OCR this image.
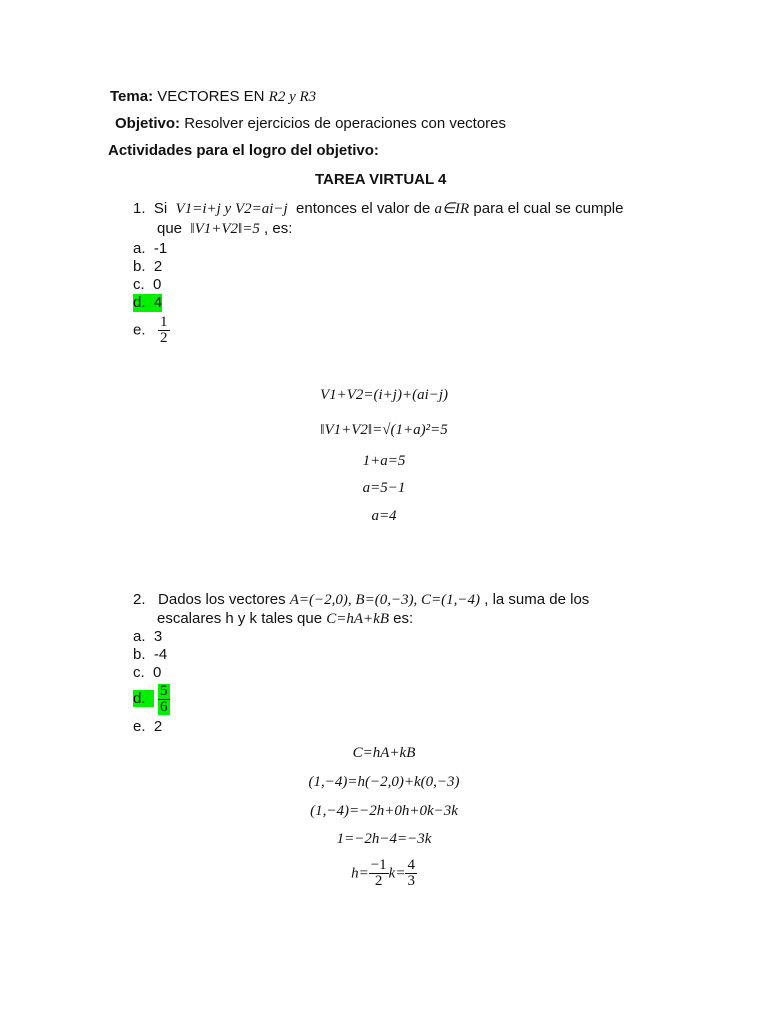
Tema: VECTORES EN R2 y R3
Objetivo: Resolver ejercicios de operaciones con vectores
Actividades para el logro del objetivo:
TAREA VIRTUAL 4
1. Si V1=i+j y V2=ai−j entonces el valor de a∈IR para el cual se cumple
que ‖V1+V2‖=5 , es:
a. -1
b. 2
c. 0
d. 4
e. $\frac{1}{2}$
V1+V2=(i+j)+(ai−j)
‖V1+V2‖=√(1+a)²=5
1+a=5
a=5−1
a=4
2. Dados los vectores A=(−2,0), B=(0,−3), C=(1,−4) , la suma de los
escalares h y k tales que C=hA+kB es:
a. 3
b. -4
c. 0
d. $\frac{5}{6}$
e. 2
C=hA+kB
(1,−4)=h(−2,0)+k(0,−3)
(1,−4)=−2h+0h+0k−3k
1=−2h−4=−3k
$h= \frac{-1}{2} k= \frac{4}{3}$
